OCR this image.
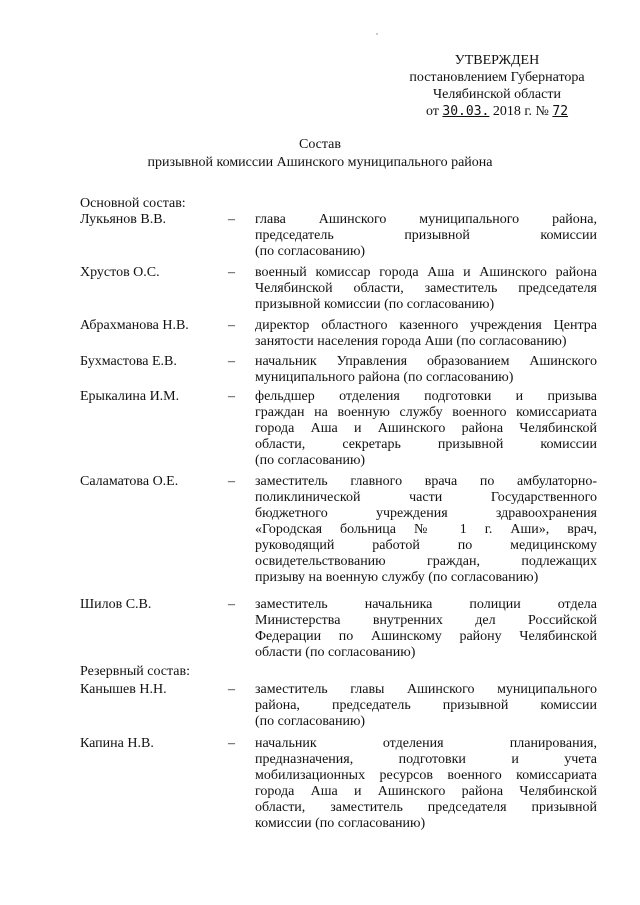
УТВЕРЖДЕН
постановлением Губернатора
Челябинской области
от 30.03. 2018 г. № 72
Состав
призывной комиссии Ашинского муниципального района
Основной состав:
Лукьянов В.В.	– глава Ашинского муниципального района,
председатель призывной комиссии
(по согласованию)
Хрустов О.С.	– военный комиссар города Аша и Ашинского района
Челябинской области, заместитель председателя
призывной комиссии (по согласованию)
Абрахманова Н.В.	– директор областного казенного учреждения Центра
занятости населения города Аши (по согласованию)
Бухмастова Е.В.	– начальник Управления образованием Ашинского
муниципального района (по согласованию)
Ерыкалина И.М.	– фельдшер отделения подготовки и призыва
граждан на военную службу военного комиссариата
города Аша и Ашинского района Челябинской
области, секретарь призывной комиссии
(по согласованию)
Саламатова О.Е.	– заместитель главного врача по амбулаторно-
поликлинической части Государственного
бюджетного учреждения здравоохранения
«Городская больница № 1 г. Аши», врач,
руководящий работой по медицинскому
освидетельствованию граждан, подлежащих
призыву на военную службу (по согласованию)
Шилов С.В.	– заместитель начальника полиции отдела
Министерства внутренних дел Российской
Федерации по Ашинскому району Челябинской
области (по согласованию)
Резервный состав:
Канышев Н.Н.	– заместитель главы Ашинского муниципального
района, председатель призывной комиссии
(по согласованию)
Капина Н.В.	– начальник отделения планирования,
предназначения, подготовки и учета
мобилизационных ресурсов военного комиссариата
города Аша и Ашинского района Челябинской
области, заместитель председателя призывной
комиссии (по согласованию)
